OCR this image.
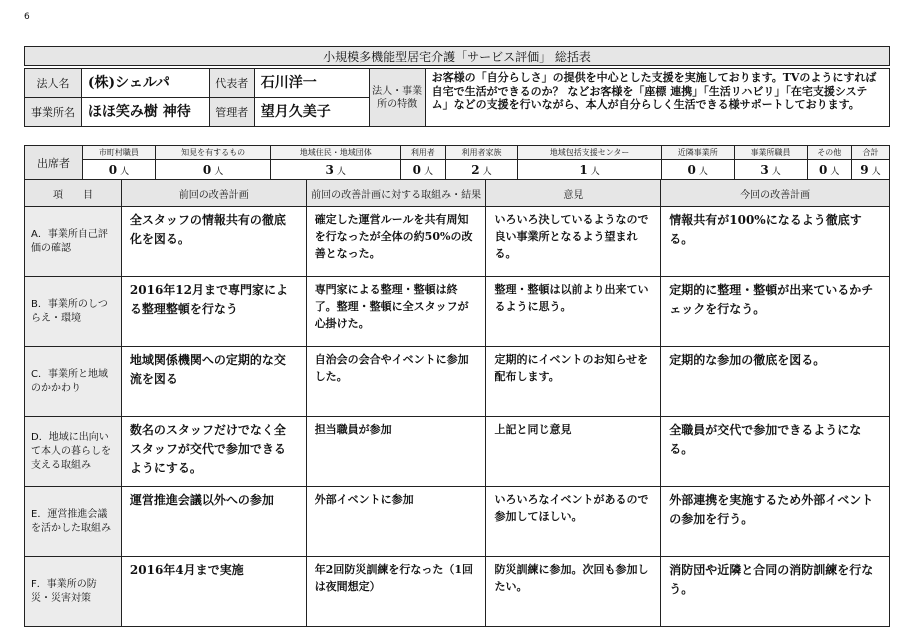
6
小規模多機能型居宅介護「サービス評価」 総括表
法人名	(株)シェルパ	代表者	石川洋一	法人・事業所の特徴	お客様の「自分らしさ」の提供を中心とした支援を実施しております。TVのようにすれば自宅で生活ができるのか？ などお客様を「座標 連携」「生活リハビリ」「在宅支援システム」などの支援を行いながら、本人が自分らしく生活できる様サポートしております。
事業所名	ほほ笑み樹 神待	管理者	望月久美子		
出席者	市町村職員	知見を有するもの	地域住民・地域団体	利用者	利用者家族	地域包括支援センター	近隣事業所	事業所職員	その他	合計
	0 人	0 人	3 人	0 人	2 人	1 人	0 人	3 人	0 人	9 人
項　　目	前回の改善計画	前回の改善計画に対する取組み・結果	意見	今回の改善計画
A．事業所自己評価の確認	全スタッフの情報共有の徹底化を図る。	確定した運営ルールを共有周知を行なったが全体の約50%の改善となった。	いろいろ決しているようなので良い事業所となるよう望まれる。	情報共有が100%になるよう徹底する。
B．事業所のしつらえ・環境	2016年12月まで専門家による整理整頓を行なう	専門家による整理・整頓は終了。整理・整頓に全スタッフが心掛けた。	整理・整頓は以前より出来ているように思う。	定期的に整理・整頓が出来ているかチェックを行なう。
C．事業所と地域のかかわり	地域関係機関への定期的な交流を図る	自治会の会合やイベントに参加した。	定期的にイベントのお知らせを配布します。	定期的な参加の徹底を図る。
D．地域に出向いて本人の暮らしを支える取組み	数名のスタッフだけでなく全スタッフが交代で参加できるようにする。	担当職員が参加	上記と同じ意見	全職員が交代で参加できるようになる。
E．運営推進会議を活かした取組み	運営推進会議以外への参加	外部イベントに参加	いろいろなイベントがあるので参加してほしい。	外部連携を実施するため外部イベントの参加を行う。
F．事業所の防災・災害対策	2016年4月まで実施	年2回防災訓練を行なった（1回は夜間想定）	防災訓練に参加。次回も参加したい。	消防団や近隣と合同の消防訓練を行なう。
